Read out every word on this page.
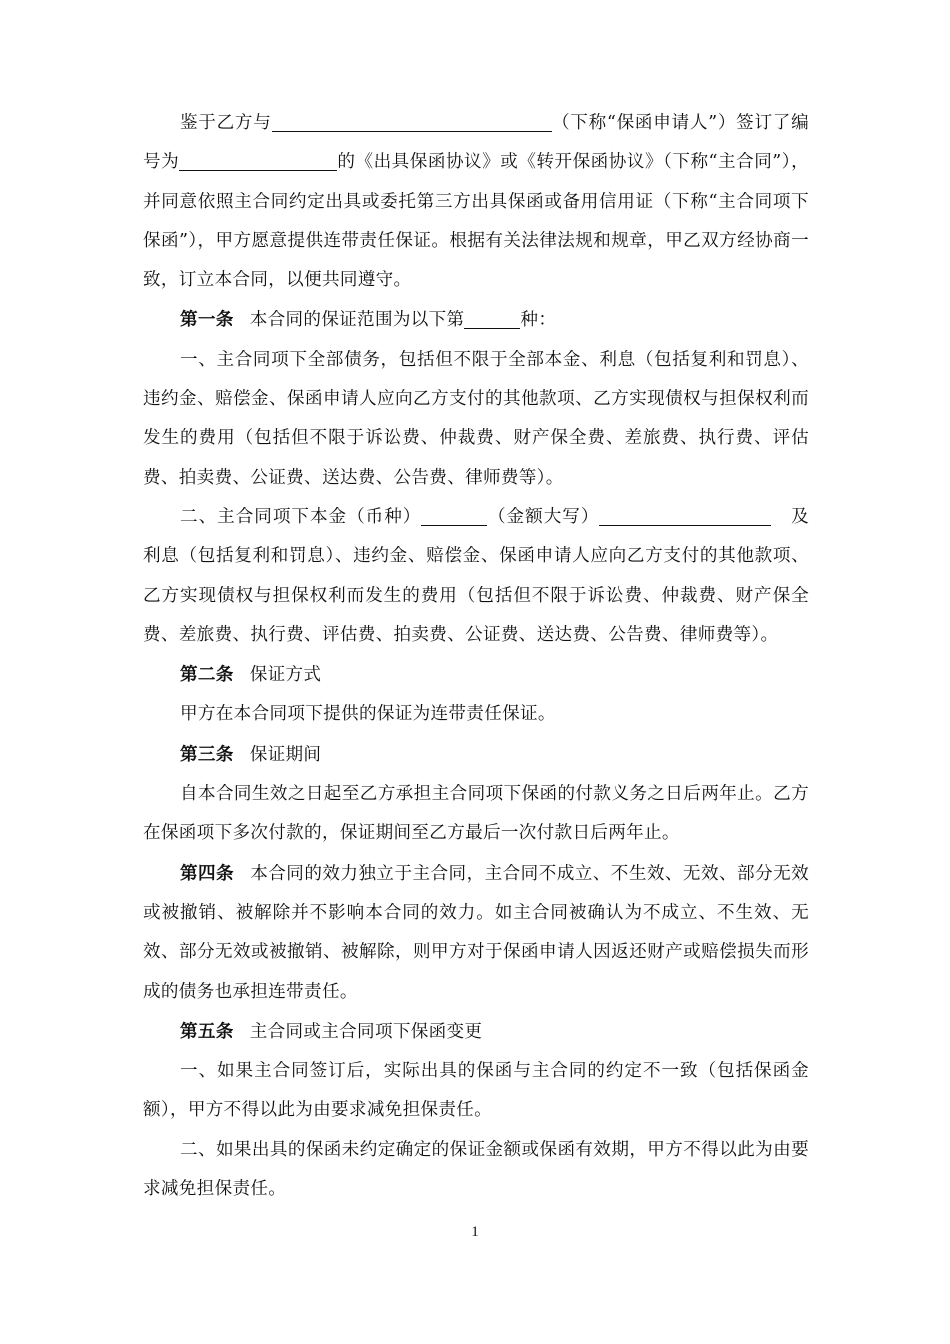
鉴于乙方与	（下称“保函申请人”）签订了编号为	的《出具保函协议》或《转开保函协议》（下称“主合同”），并同意依照主合同约定出具或委托第三方出具保函或备用信用证（下称“主合同项下保函”），甲方愿意提供连带责任保证。根据有关法律法规和规章，甲乙双方经协商一致，订立本合同，以便共同遵守。

第一条 本合同的保证范围为以下第	种：

一、主合同项下全部债务，包括但不限于全部本金、利息（包括复利和罚息）、违约金、赔偿金、保函申请人应向乙方支付的其他款项、乙方实现债权与担保权利而发生的费用（包括但不限于诉讼费、仲裁费、财产保全费、差旅费、执行费、评估费、拍卖费、公证费、送达费、公告费、律师费等）。

二、主合同项下本金（币种）	（金额大写）	及利息（包括复利和罚息）、违约金、赔偿金、保函申请人应向乙方支付的其他款项、乙方实现债权与担保权利而发生的费用（包括但不限于诉讼费、仲裁费、财产保全费、差旅费、执行费、评估费、拍卖费、公证费、送达费、公告费、律师费等）。

第二条 保证方式

甲方在本合同项下提供的保证为连带责任保证。

第三条 保证期间

自本合同生效之日起至乙方承担主合同项下保函的付款义务之日后两年止。乙方在保函项下多次付款的，保证期间至乙方最后一次付款日后两年止。

第四条 本合同的效力独立于主合同，主合同不成立、不生效、无效、部分无效或被撤销、被解除并不影响本合同的效力。如主合同被确认为不成立、不生效、无效、部分无效或被撤销、被解除，则甲方对于保函申请人因返还财产或赔偿损失而形成的债务也承担连带责任。

第五条 主合同或主合同项下保函变更

一、如果主合同签订后，实际出具的保函与主合同的约定不一致（包括保函金额），甲方不得以此为由要求减免担保责任。

二、如果出具的保函未约定确定的保证金额或保函有效期，甲方不得以此为由要求减免担保责任。

1
